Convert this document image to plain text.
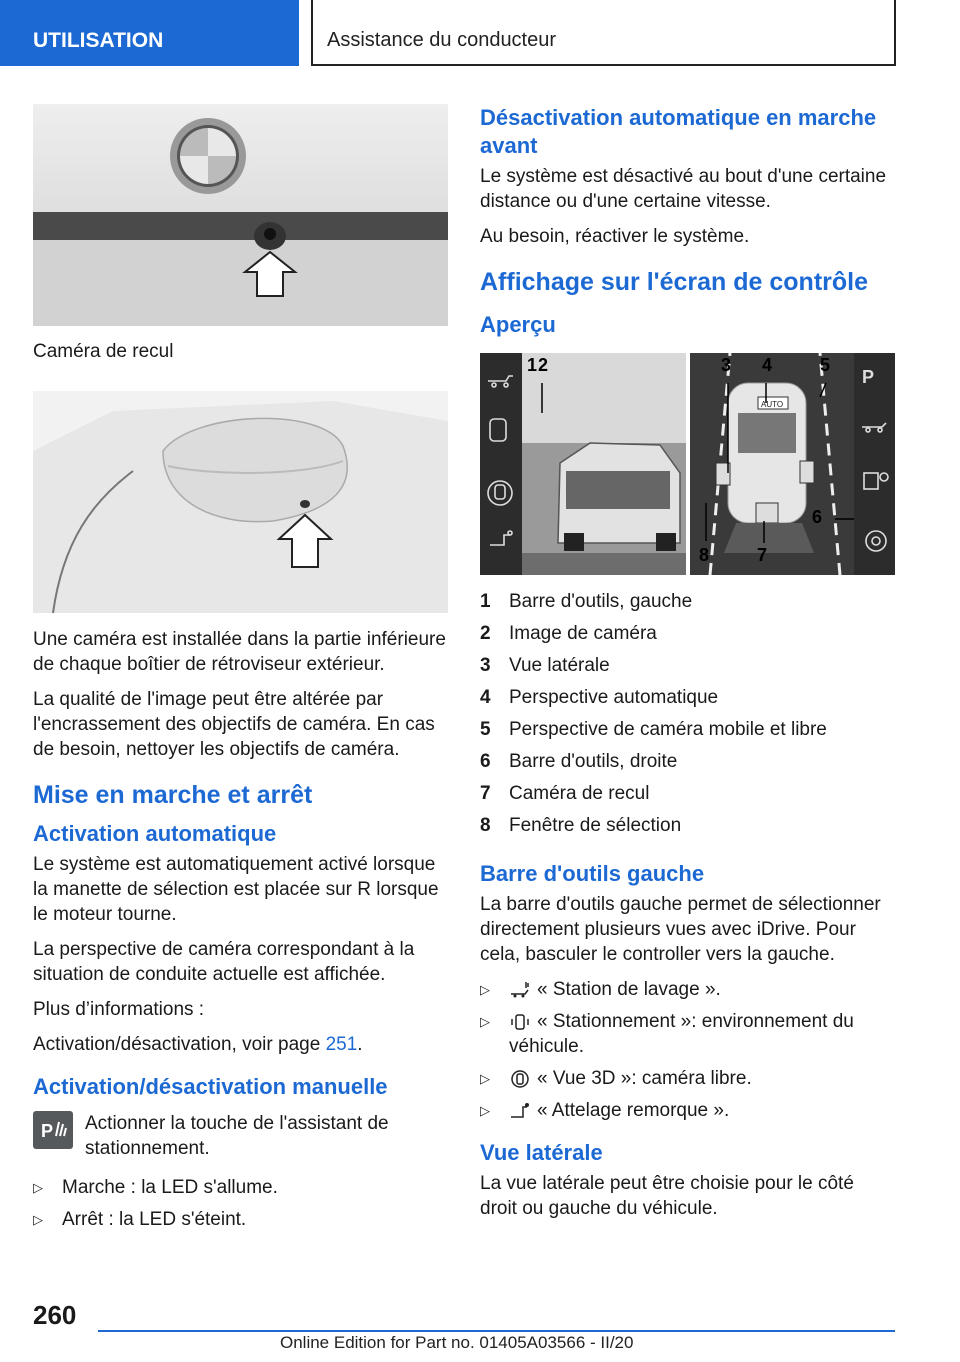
UTILISATION	Assistance du conducteur
Caméra de recul

Une caméra est installée dans la partie inférieure de chaque boîtier de rétroviseur extérieur.

La qualité de l'image peut être altérée par l'encrassement des objectifs de caméra. En cas de besoin, nettoyer les objectifs de caméra.

Mise en marche et arrêt
Activation automatique

Le système est automatiquement activé lorsque la manette de sélection est placée sur R lorsque le moteur tourne.

La perspective de caméra correspondant à la situation de conduite actuelle est affichée.

Plus d’informations :

Activation/désactivation, voir page 251.

Activation/désactivation manuelle
P Actionner la touche de l'assistant de stationnement.
▷ Marche : la LED s'allume.
▷ Arrêt : la LED s'éteint.
Désactivation automatique en marche avant

Le système est désactivé au bout d'une certaine distance ou d'une certaine vitesse.

Au besoin, réactiver le système.

Affichage sur l'écran de contrôle
Aperçu
AUTO
P
1 2	3 4	5
6
7
8
1 Barre d'outils, gauche
2 Image de caméra
3 Vue latérale
4 Perspective automatique
5 Perspective de caméra mobile et libre
6 Barre d'outils, droite
7 Caméra de recul
8 Fenêtre de sélection
Barre d'outils gauche

La barre d'outils gauche permet de sélectionner directement plusieurs vues avec iDrive. Pour cela, basculer le controller vers la gauche.

▷ « Station de lavage ».
▷ « Stationnement »: environnement du véhicule.
▷ « Vue 3D »: caméra libre.
▷ « Attelage remorque ».
Vue latérale

La vue latérale peut être choisie pour le côté droit ou gauche du véhicule.

260
Online Edition for Part no. 01405A03566 - II/20
